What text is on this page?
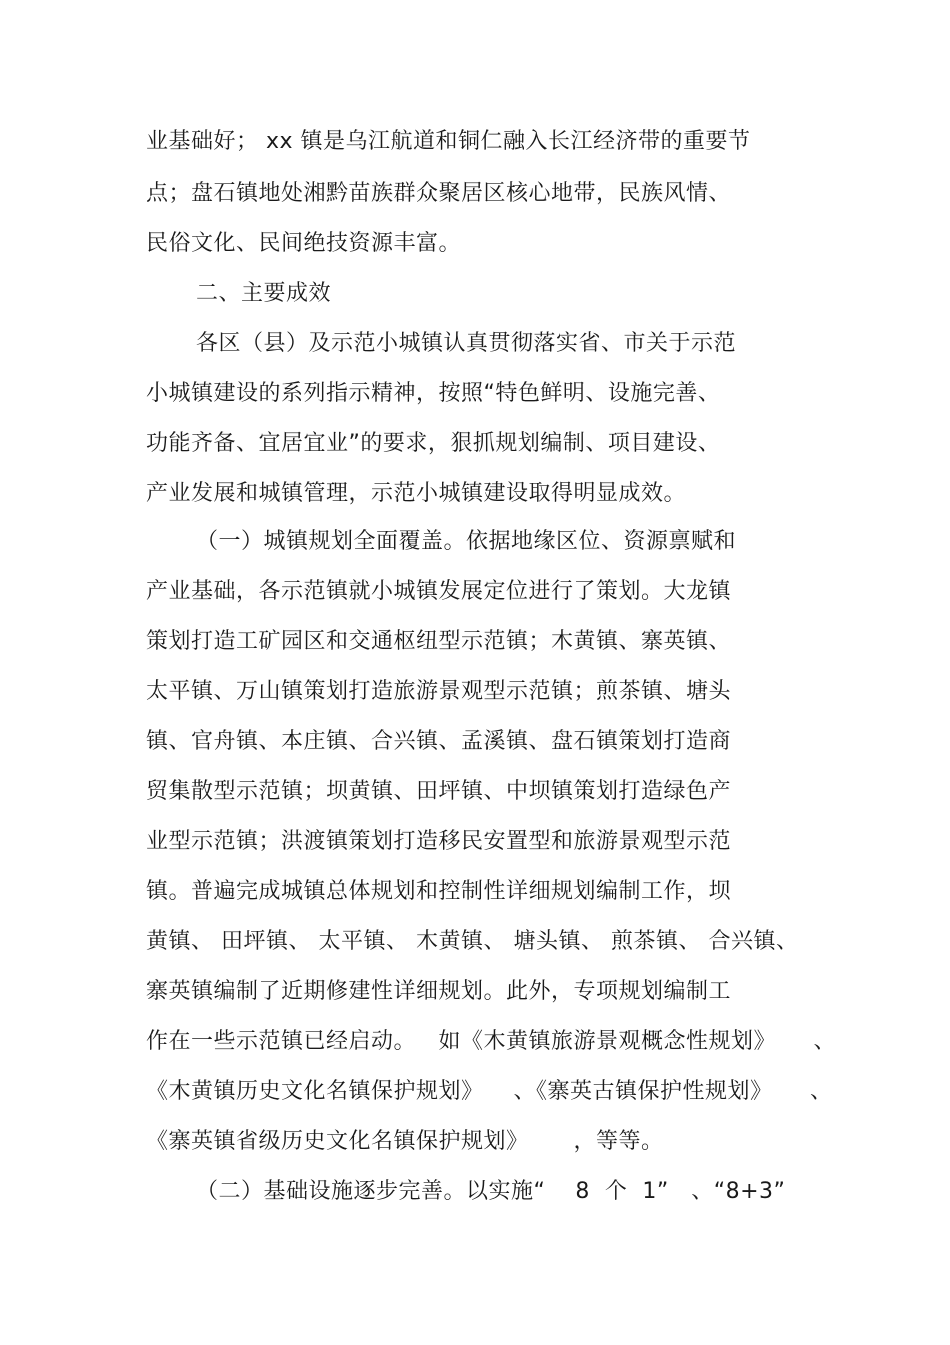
业基础好； xx 镇是乌江航道和铜仁融入长江经济带的重要节
点；盘石镇地处湘黔苗族群众聚居区核心地带，民族风情、
民俗文化、民间绝技资源丰富。
二、主要成效
各区（县）及示范小城镇认真贯彻落实省、市关于示范
小城镇建设的系列指示精神，按照“特色鲜明、设施完善、
功能齐备、宜居宜业”的要求，狠抓规划编制、项目建设、
产业发展和城镇管理，示范小城镇建设取得明显成效。
（一）城镇规划全面覆盖。依据地缘区位、资源禀赋和
产业基础，各示范镇就小城镇发展定位进行了策划。大龙镇
策划打造工矿园区和交通枢纽型示范镇；木黄镇、寨英镇、
太平镇、万山镇策划打造旅游景观型示范镇；煎茶镇、塘头
镇、官舟镇、本庄镇、合兴镇、孟溪镇、盘石镇策划打造商
贸集散型示范镇；坝黄镇、田坪镇、中坝镇策划打造绿色产
业型示范镇；洪渡镇策划打造移民安置型和旅游景观型示范
镇。普遍完成城镇总体规划和控制性详细规划编制工作，坝
黄镇、 田坪镇、 太平镇、 木黄镇、 塘头镇、 煎茶镇、 合兴镇、
寨英镇编制了近期修建性详细规划。此外，专项规划编制工
作在一些示范镇已经启动。   如《木黄镇旅游景观概念性规划》     、
《木黄镇历史文化名镇保护规划》    、《寨英古镇保护性规划》     、
《寨英镇省级历史文化名镇保护规划》      ，等等。
（二）基础设施逐步完善。以实施“    8  个  1”   、“8+3”
